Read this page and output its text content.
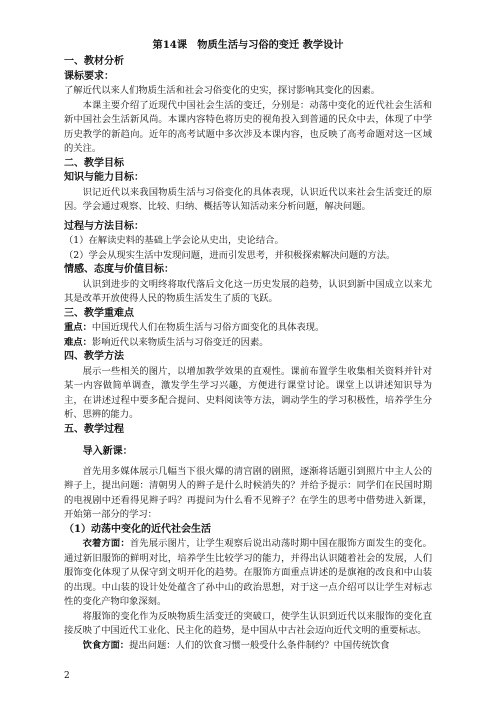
第14课　物质生活与习俗的变迁 教学设计
一、教材分析
课标要求：
了解近代以来人们物质生活和社会习俗变化的史实，探讨影响其变化的因素。
本课主要介绍了近现代中国社会生活的变迁，分别是：动荡中变化的近代社会生活和新中国社会生活新风尚。本课内容特色将历史的视角投入到普通的民众中去，体现了中学历史教学的新趋向。近年的高考试题中多次涉及本课内容，也反映了高考命题对这一区域的关注。
二、教学目标
知识与能力目标：
识记近代以来我国物质生活与习俗变化的具体表现，认识近代以来社会生活变迁的原因。学会通过观察、比较、归纳、概括等认知活动来分析问题，解决问题。
过程与方法目标：
（1）在解读史料的基础上学会论从史出，史论结合。
（2）学会从现实生活中发现问题，进而引发思考，并积极探索解决问题的方法。
情感、态度与价值目标：
认识到进步的文明终将取代落后文化这一历史发展的趋势，认识到新中国成立以来尤其是改革开放使得人民的物质生活发生了质的飞跃。
三、教学重难点
重点：中国近现代人们在物质生活与习俗方面变化的具体表现。
难点：影响近代以来物质生活与习俗变迁的因素。
四、教学方法
展示一些相关的图片，以增加教学效果的直观性。课前布置学生收集相关资料并针对某一内容做简单调查，激发学生学习兴趣，方便进行课堂讨论。课堂上以讲述知识导为主，在讲述过程中要多配合提问、史料阅读等方法，调动学生的学习积极性，培养学生分析、思辨的能力。
五、教学过程
导入新课：
首先用多媒体展示几幅当下很火爆的清宫剧的剧照，逐渐将话题引到照片中主人公的辫子上，提出问题：清朝男人的辫子是什么时候消失的？并给予提示：同学们在民国时期的电视剧中还看得见辫子吗？再提问为什么看不见辫子？在学生的思考中借势进入新课，开始第一部分的学习：
（1）动荡中变化的近代社会生活
衣着方面：首先展示图片，让学生观察后说出动荡时期中国在服饰方面发生的变化。通过新旧服饰的鲜明对比，培养学生比较学习的能力，并得出认识随着社会的发展，人们服饰变化体现了从保守到文明开化的趋势。在服饰方面重点讲述的是旗袍的改良和中山装的出现。中山装的设计处处蕴含了孙中山的政治思想，对于这一点介绍可以让学生对标志性的变化产物印象深刻。
将服饰的变化作为反映物质生活变迁的突破口，使学生认识到近代以来服饰的变化直接反映了中国近代工业化、民主化的趋势，是中国从中古社会迈向近代文明的重要标志。
饮食方面：提出问题：人们的饮食习惯一般受什么条件制约？中国传统饮食
2
